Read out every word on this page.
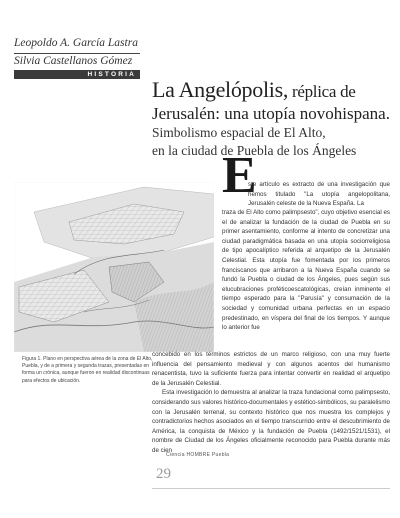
Leopoldo A. García Lastra
Silvia Castellanos Gómez
HISTORIA
La Angelópolis, réplica de
Jerusalén: una utopía novohispana.
Simbolismo espacial de El Alto,
en la ciudad de Puebla de los Ángeles
Figura 1. Plano en perspectiva aérea de la zona de El Alto, Puebla, y de a primera y segunda trazas, presentadas en forma un crónica, aunque fueron en realidad discontinuas para efectos de ubicación.
E

ste artículo es extracto de una investigación que hemos titulado "La utopía angelopolitana, Jerusalén celeste de la Nueva España. La

traza de El Alto como palimpsesto", cuyo objetivo esencial es el de analizar la fundación de la ciudad de Puebla en su primer asentamiento, conforme al intento de concretizar una ciudad paradigmática basada en una utopía sociorreligiosa de tipo apocalíptico referida al arquetipo de la Jerusalén Celestial. Esta utopía fue fomentada por los primeros franciscanos que arribaron a la Nueva España cuando se fundó la Puebla o ciudad de los Ángeles, pues según sus elucubraciones proféticoescatológicas, creían inminente el tiempo esperado para la "Parusía" y consumación de la sociedad y comunidad urbana perfectas en un espacio predestinado, en víspera del final de los tiempos. Y aunque lo anterior fue

concebido en los términos estrictos de un marco religioso, con una muy fuerte influencia del pensamiento medieval y con algunos acentos del humanismo renacentista, tuvo la suficiente fuerza para intentar convertir en realidad el arquetipo de la Jerusalén Celestial.

Esta investigación lo demuestra al analizar la traza fundacional como palimpsesto, considerando sus valores histórico-documentales y estético-simbólicos, su paralelismo con la Jerusalén terrenal, su contexto histórico que nos muestra los complejos y contradictorios hechos asociados en el tiempo transcurrido entre el descubrimiento de América, la conquista de México y la fundación de Puebla (1492/1521/1531), el nombre de Ciudad de los Ángeles oficialmente reconocido para Puebla durante más de cien

Ciencia HOMBRE Puebla
29
